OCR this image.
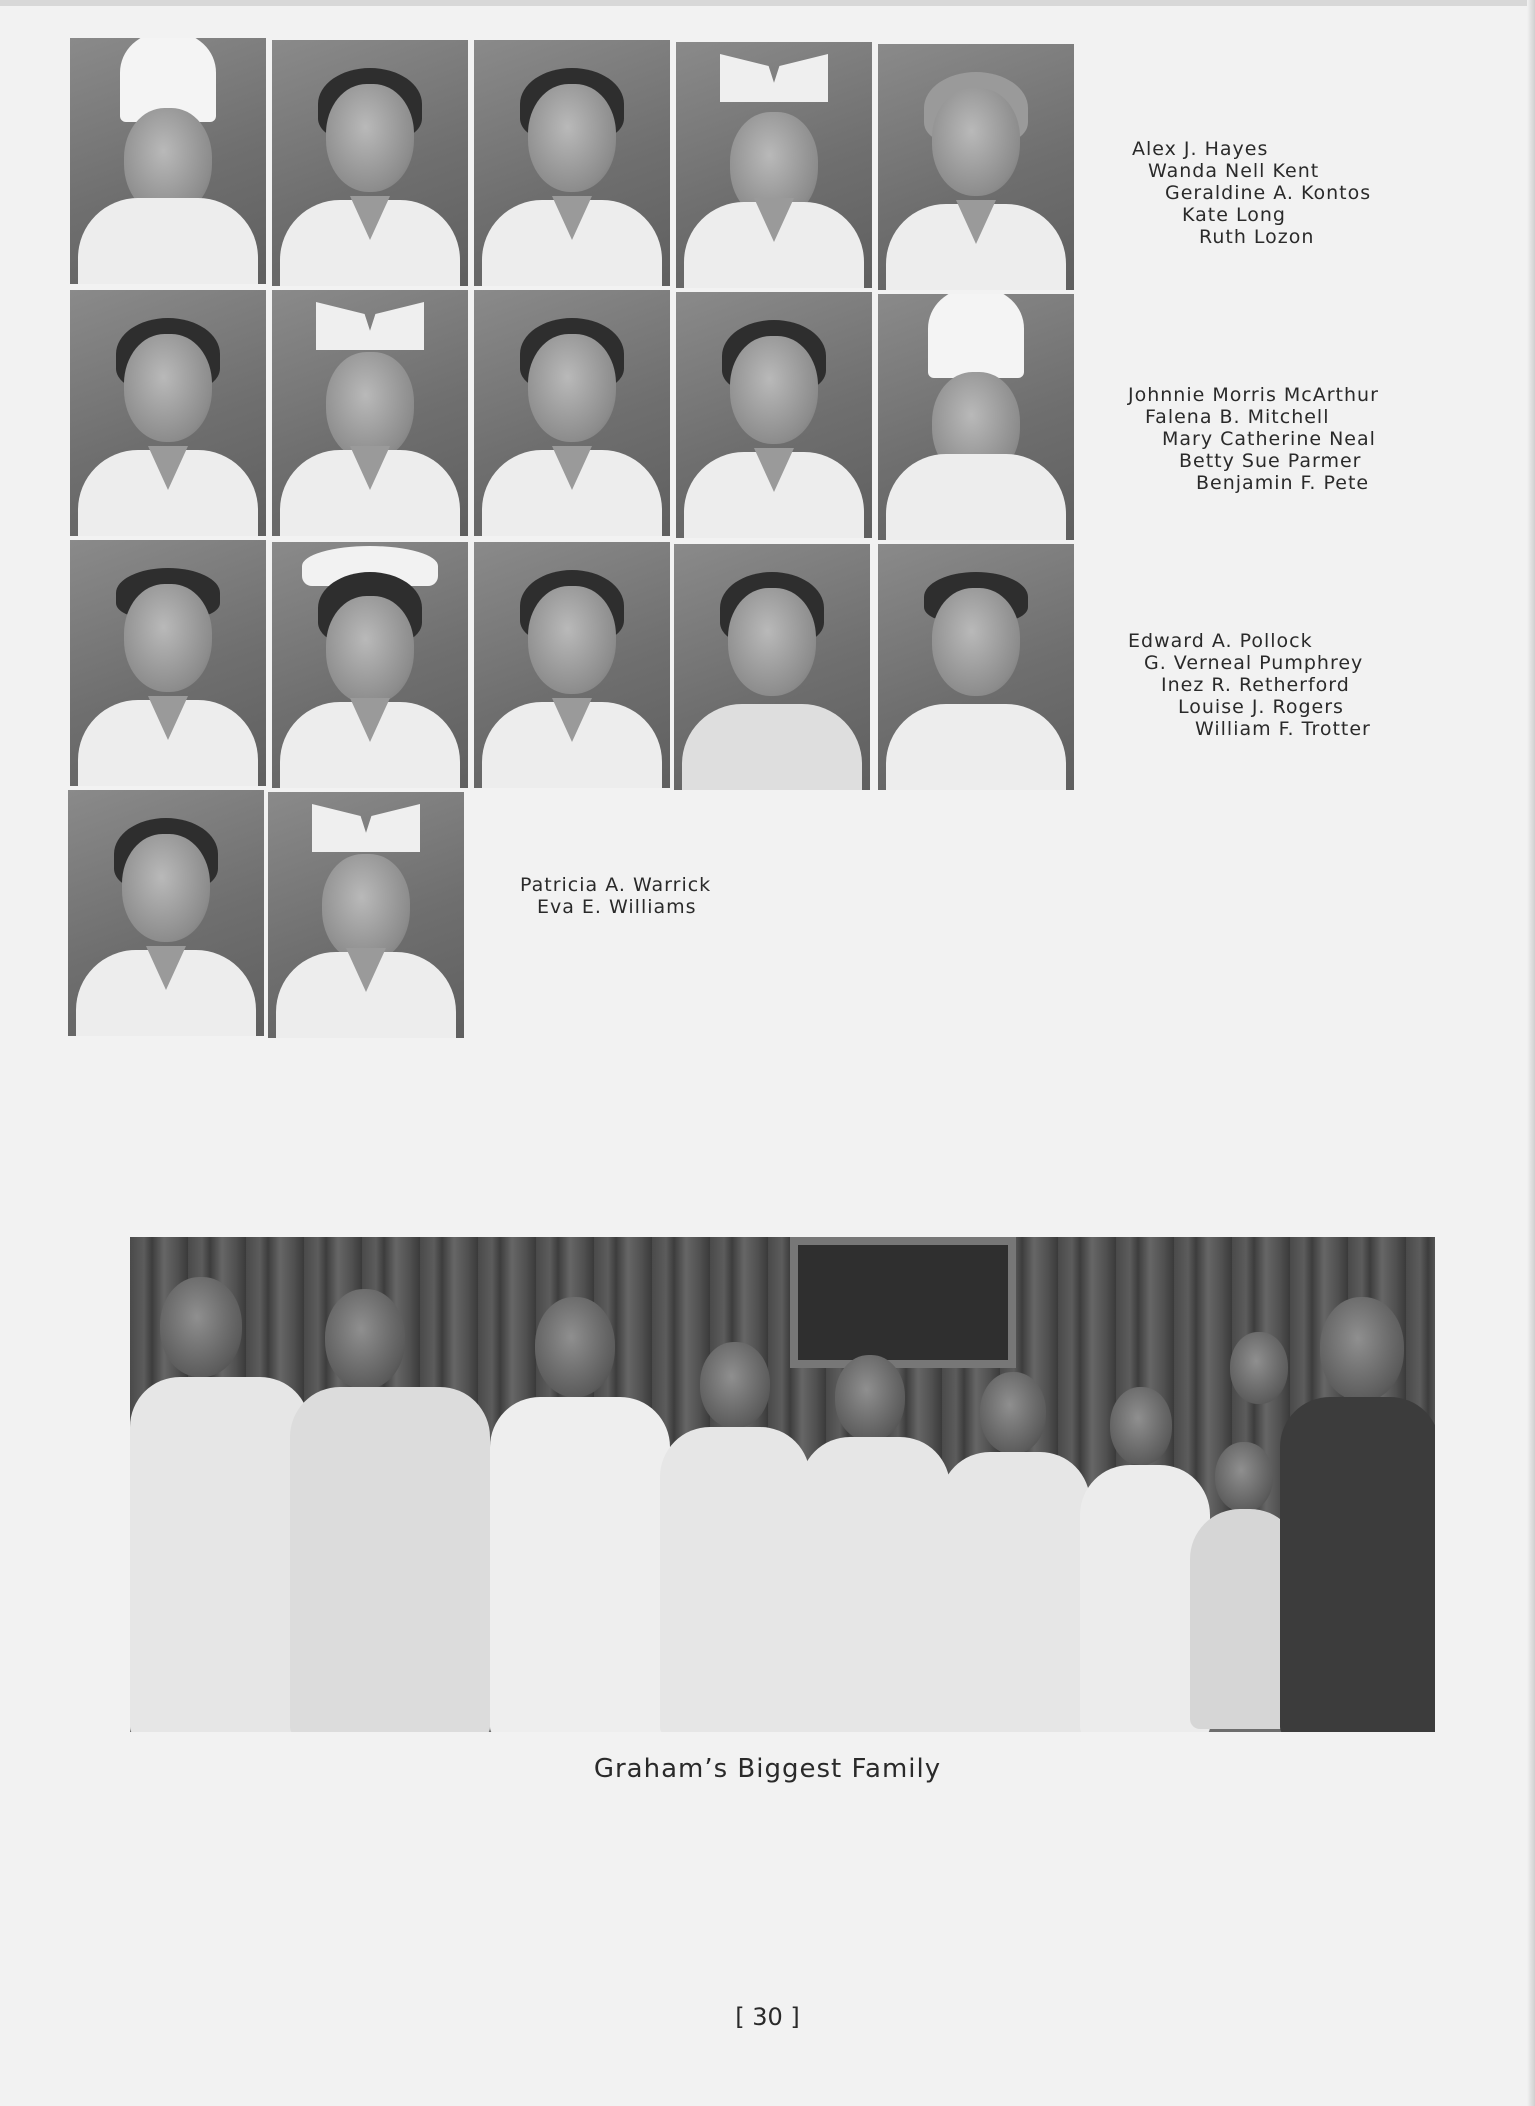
Alex J. Hayes
Wanda Nell Kent
Geraldine A. Kontos
Kate Long
Ruth Lozon
Johnnie Morris McArthur
Falena B. Mitchell
Mary Catherine Neal
Betty Sue Parmer
Benjamin F. Pete
Edward A. Pollock
G. Verneal Pumphrey
Inez R. Retherford
Louise J. Rogers
William F. Trotter
Patricia A. Warrick
Eva E. Williams
Graham’s Biggest Family
[ 30 ]
